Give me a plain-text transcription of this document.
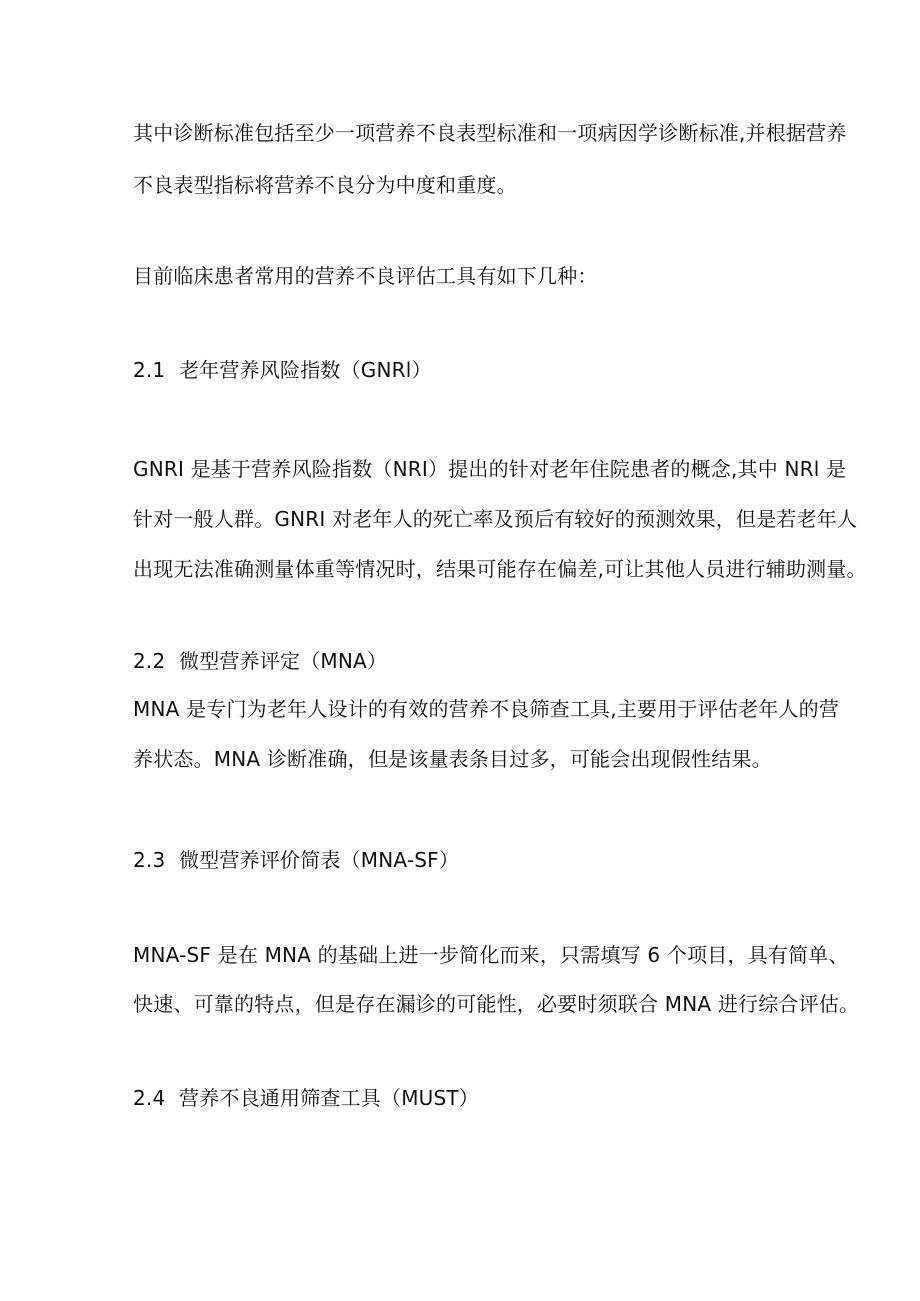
其中诊断标准包括至少一项营养不良表型标准和一项病因学诊断标准,并根据营养
不良表型指标将营养不良分为中度和重度。
目前临床患者常用的营养不良评估工具有如下几种：
2.1 老年营养风险指数（GNRl）
GNRI 是基于营养风险指数（NRI）提出的针对老年住院患者的概念,其中 NRl 是
针对一般人群。GNRI 对老年人的死亡率及预后有较好的预测效果，但是若老年人
出现无法准确测量体重等情况时，结果可能存在偏差,可让其他人员进行辅助测量。
2.2 微型营养评定（MNA）
MNA 是专门为老年人设计的有效的营养不良筛查工具,主要用于评估老年人的营
养状态。MNA 诊断准确，但是该量表条目过多，可能会出现假性结果。
2.3 微型营养评价简表（MNA-SF）
MNA-SF 是在 MNA 的基础上进一步简化而来，只需填写 6 个项目，具有简单、
快速、可靠的特点，但是存在漏诊的可能性，必要时须联合 MNA 进行综合评估。
2.4 营养不良通用筛查工具（MUST）
